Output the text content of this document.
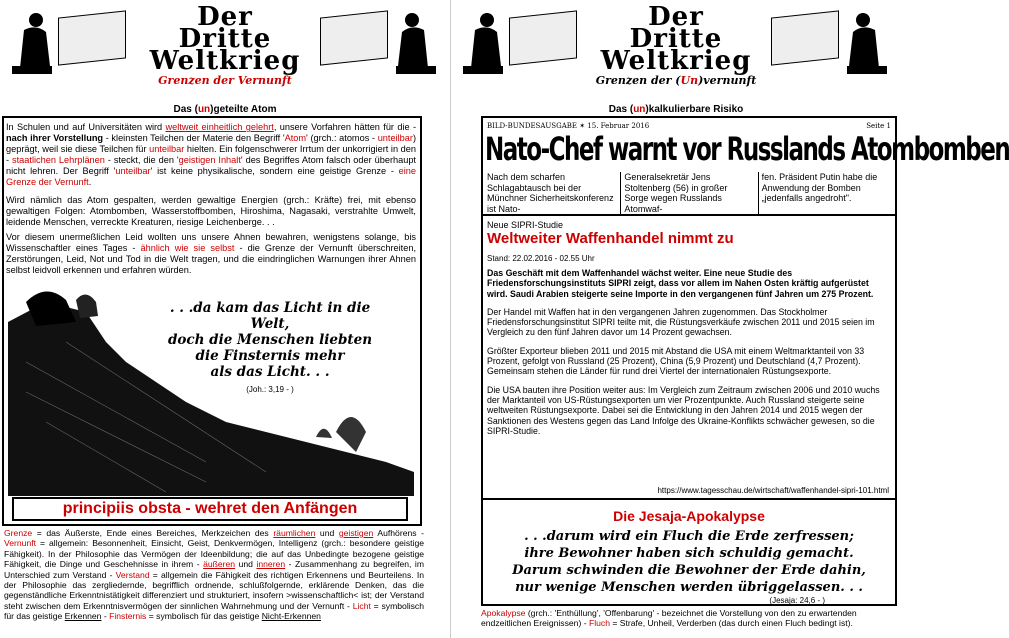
Der
Dritte
Weltkrieg
Grenzen der Vernunft
Das (un)geteilte Atom
In Schulen und auf Universitäten wird weltweit einheitlich gelehrt, unsere Vorfahren hätten für die - nach ihrer Vorstellung - kleinsten Teilchen der Materie den Begriff 'Atom' (grch.: atomos - unteilbar) geprägt, weil sie diese Teilchen für unteilbar hielten. Ein folgenschwerer Irrtum der unkorrigiert in den - staatlichen Lehrplänen - steckt, die den 'geistigen Inhalt' des Begriffes Atom falsch oder überhaupt nicht lehren. Der Begriff 'unteilbar' ist keine physikalische, sondern eine geistige Grenze - eine Grenze der Vernunft.
Wird nämlich das Atom gespalten, werden gewaltige Energien (grch.: Kräfte) frei, mit ebenso gewaltigen Folgen: Atombomben, Wasserstoffbomben, Hiroshima, Nagasaki, verstrahlte Umwelt, leidende Menschen, verreckte Kreaturen, riesige Leichenberge. . .
Vor diesem unermeßlichen Leid wollten uns unsere Ahnen bewahren, wenigstens solange, bis Wissenschaftler eines Tages - ähnlich wie sie selbst - die Grenze der Vernunft überschreiten, Zerstörungen, Leid, Not und Tod in die Welt tragen, und die eindringlichen Warnungen ihrer Ahnen selbst leidvoll erkennen und erfahren würden.
. . .da kam das Licht in die Welt,
doch die Menschen liebten
die Finsternis mehr
als das Licht. . .
(Joh.: 3,19 - )
principiis obsta - wehret den Anfängen
Grenze = das Äußerste, Ende eines Bereiches, Merkzeichen des räumlichen und geistigen Aufhörens - Vernunft = allgemein: Besonnenheit, Einsicht, Geist, Denkvermögen, Intelligenz (grch.: besondere geistige Fähigkeit). In der Philosophie das Vermögen der Ideenbildung; die auf das Unbedingte bezogene geistige Fähigkeit, die Dinge und Geschehnisse in ihrem - äußeren und inneren - Zusammenhang zu begreifen, im Unterschied zum Verstand - Verstand = allgemein die Fähigkeit des richtigen Erkennens und Beurteilens. In der Philosophie das zergliedernde, begrifflich ordnende, schlußfolgernde, erklärende Denken, das die gegenständliche Erkenntnistätigkeit differenziert und strukturiert, insofern >wissenschaftlich< ist; der Verstand steht zwischen dem Erkenntnisvermögen der sinnlichen Wahrnehmung und der Vernunft - Licht = symbolisch für das geistige Erkennen - Finsternis = symbolisch für das geistige Nicht-Erkennen
Der
Dritte
Weltkrieg
Grenzen der (Un)vernunft
Das (un)kalkulierbare Risiko
BILD-BUNDESAUSGABE ✶ 15. Februar 2016	Seite 1
Nato-Chef warnt vor Russlands Atombomben
Nach dem scharfen Schlagabtausch bei der Münchner Sicherheitskonferenz ist Nato-
Generalsekretär Jens Stoltenberg (56) in großer Sorge wegen Russlands Atomwaf-
fen. Präsident Putin habe die Anwendung der Bomben „jedenfalls angedroht".
Neue SIPRI-Studie
Weltweiter Waffenhandel nimmt zu
Stand: 22.02.2016 - 02.55 Uhr

Das Geschäft mit dem Waffenhandel wächst weiter. Eine neue Studie des Friedensforschungsinstituts SIPRI zeigt, dass vor allem im Nahen Osten kräftig aufgerüstet wird. Saudi Arabien steigerte seine Importe in den vergangenen fünf Jahren um 275 Prozent.

Der Handel mit Waffen hat in den vergangenen Jahren zugenommen. Das Stockholmer Friedensforschungsinstitut SIPRI teilte mit, die Rüstungsverkäufe zwischen 2011 und 2015 seien im Vergleich zu den fünf Jahren davor um 14 Prozent gewachsen.

Größter Exporteur blieben 2011 und 2015 mit Abstand die USA mit einem Weltmarktanteil von 33 Prozent, gefolgt von Russland (25 Prozent), China (5,9 Prozent) und Deutschland (4,7 Prozent). Gemeinsam stehen die Länder für rund drei Viertel der internationalen Rüstungsexporte.

Die USA bauten ihre Position weiter aus: Im Vergleich zum Zeitraum zwischen 2006 und 2010 wuchs der Marktanteil von US-Rüstungsexporten um vier Prozentpunkte. Auch Russland steigerte seine weltweiten Rüstungsexporte. Dabei sei die Entwicklung in den Jahren 2014 und 2015 wegen der Sanktionen des Westens gegen das Land Infolge des Ukraine-Konflikts schwächer gewesen, so die SIPRI-Studie.

https://www.tagesschau.de/wirtschaft/waffenhandel-sipri-101.html
Die Jesaja-Apokalypse
. . .darum wird ein Fluch die Erde zerfressen;
ihre Bewohner haben sich schuldig gemacht.
Darum schwinden die Bewohner der Erde dahin,
nur wenige Menschen werden übriggelassen. . .
(Jesaja: 24,6 - )
Apokalypse (grch.: 'Enthüllung', 'Offenbarung' - bezeichnet die Vorstellung von den zu erwartenden endzeitlichen Ereignissen) - Fluch = Strafe, Unheil, Verderben (das durch einen Fluch bedingt ist).
